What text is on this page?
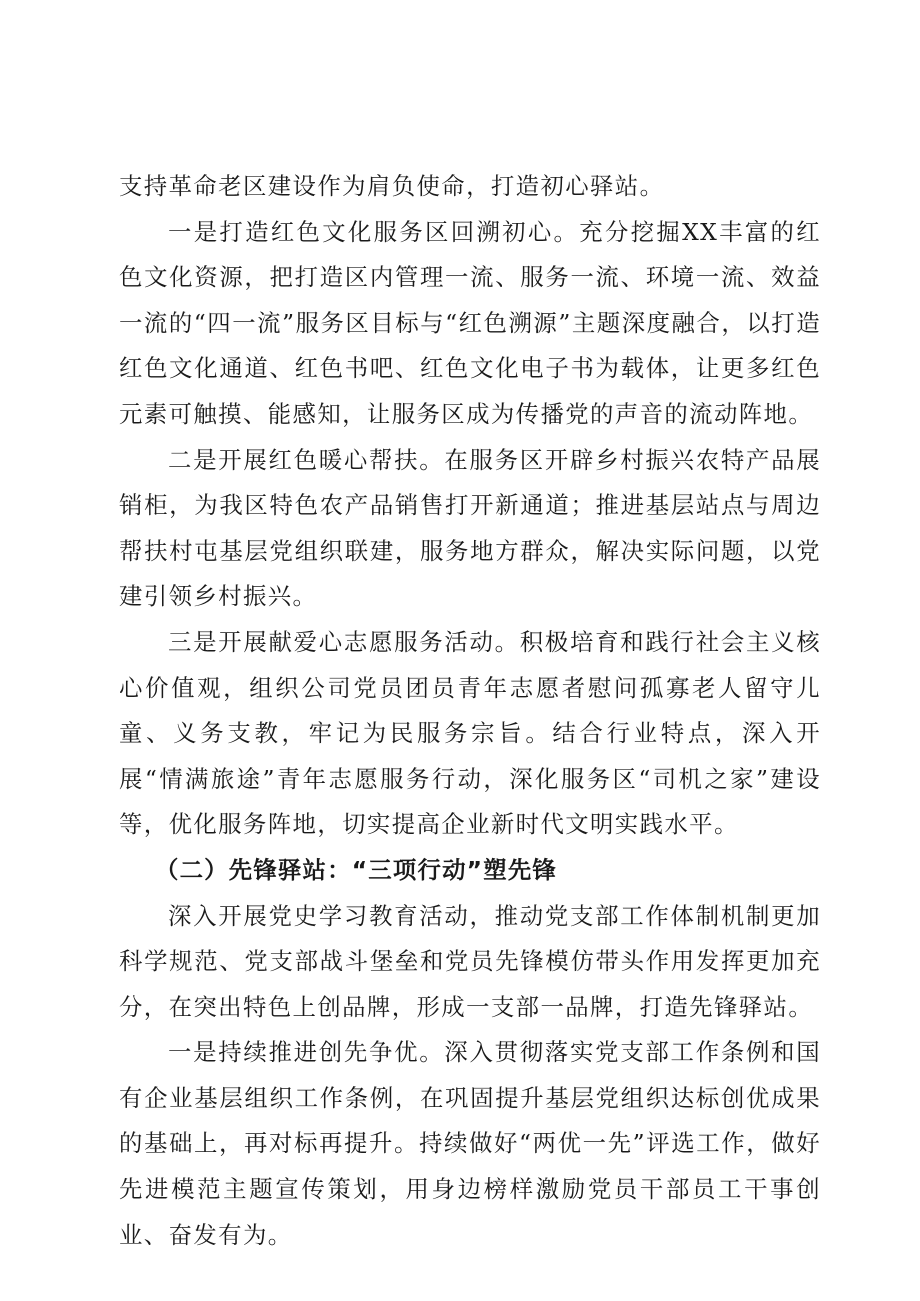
支持革命老区建设作为肩负使命，打造初心驿站。

一是打造红色文化服务区回溯初心。充分挖掘XX丰富的红色文化资源，把打造区内管理一流、服务一流、环境一流、效益一流的“四一流”服务区目标与“红色溯源”主题深度融合，以打造红色文化通道、红色书吧、红色文化电子书为载体，让更多红色元素可触摸、能感知，让服务区成为传播党的声音的流动阵地。

二是开展红色暖心帮扶。在服务区开辟乡村振兴农特产品展销柜，为我区特色农产品销售打开新通道；推进基层站点与周边帮扶村屯基层党组织联建，服务地方群众，解决实际问题，以党建引领乡村振兴。

三是开展献爱心志愿服务活动。积极培育和践行社会主义核心价值观，组织公司党员团员青年志愿者慰问孤寡老人留守儿童、义务支教，牢记为民服务宗旨。结合行业特点，深入开展“情满旅途”青年志愿服务行动，深化服务区“司机之家”建设等，优化服务阵地，切实提高企业新时代文明实践水平。

（二）先锋驿站：“三项行动”塑先锋

深入开展党史学习教育活动，推动党支部工作体制机制更加科学规范、党支部战斗堡垒和党员先锋模仿带头作用发挥更加充分，在突出特色上创品牌，形成一支部一品牌，打造先锋驿站。

一是持续推进创先争优。深入贯彻落实党支部工作条例和国有企业基层组织工作条例，在巩固提升基层党组织达标创优成果的基础上，再对标再提升。持续做好“两优一先”评选工作，做好先进模范主题宣传策划，用身边榜样激励党员干部员工干事创业、奋发有为。
